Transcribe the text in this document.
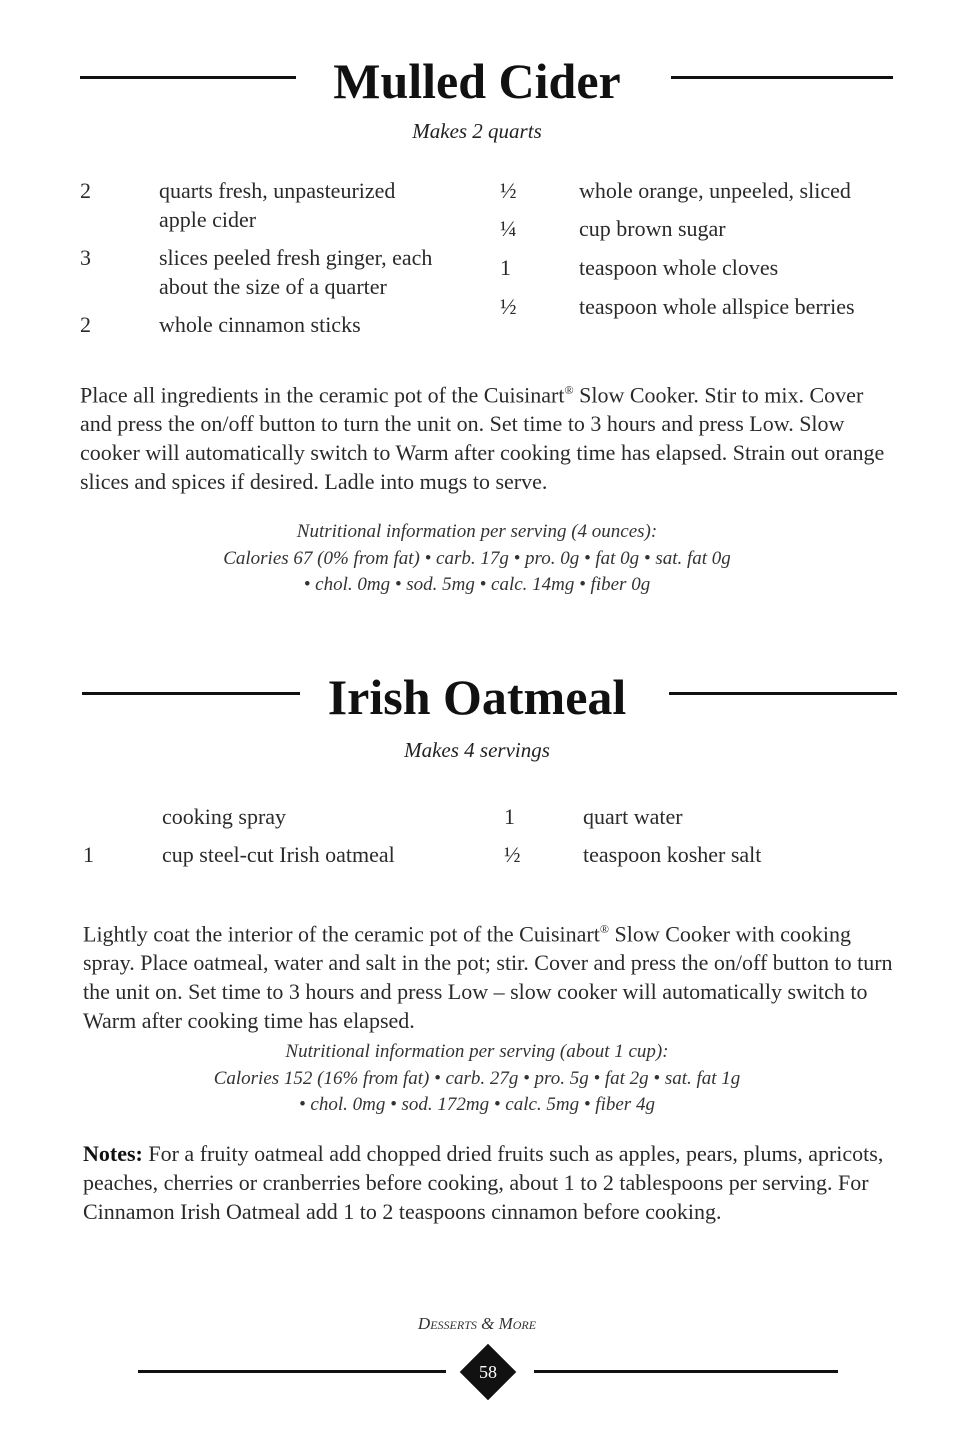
Mulled Cider
Makes 2 quarts
2	quarts fresh, unpasteurized
apple cider
3	slices peeled fresh ginger, each
about the size of a quarter
2	whole cinnamon sticks
½	whole orange, unpeeled, sliced
¼	cup brown sugar
1	teaspoon whole cloves
½	teaspoon whole allspice berries
Place all ingredients in the ceramic pot of the Cuisinart® Slow Cooker. Stir to mix. Cover and press the on/off button to turn the unit on. Set time to 3 hours and press Low. Slow cooker will automatically switch to Warm after cooking time has elapsed. Strain out orange slices and spices if desired. Ladle into mugs to serve.
Nutritional information per serving (4 ounces):
Calories 67 (0% from fat) • carb. 17g • pro. 0g • fat 0g • sat. fat 0g
• chol. 0mg • sod. 5mg • calc. 14mg • fiber 0g
Irish Oatmeal
Makes 4 servings
cooking spray
1	cup steel-cut Irish oatmeal
1	quart water
½	teaspoon kosher salt
Lightly coat the interior of the ceramic pot of the Cuisinart® Slow Cooker with cooking spray. Place oatmeal, water and salt in the pot; stir. Cover and press the on/off button to turn the unit on. Set time to 3 hours and press Low – slow cooker will automatically switch to Warm after cooking time has elapsed.
Nutritional information per serving (about 1 cup):
Calories 152 (16% from fat) • carb. 27g • pro. 5g • fat 2g • sat. fat 1g
• chol. 0mg • sod. 172mg • calc. 5mg • fiber 4g
Notes: For a fruity oatmeal add chopped dried fruits such as apples, pears, plums, apricots, peaches, cherries or cranberries before cooking, about 1 to 2 tablespoons per serving. For Cinnamon Irish Oatmeal add 1 to 2 teaspoons cinnamon before cooking.
Desserts & More
58
